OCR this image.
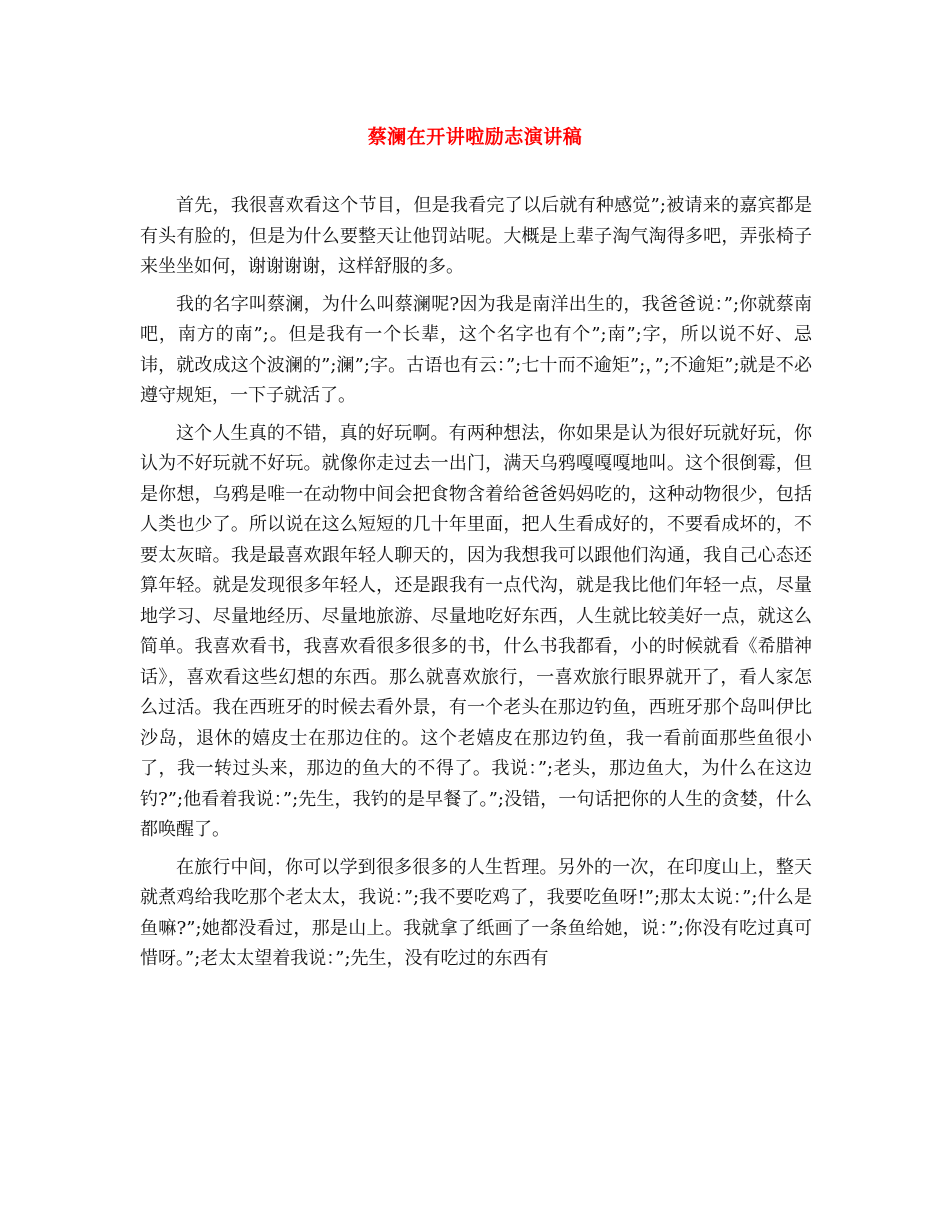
蔡澜在开讲啦励志演讲稿

首先，我很喜欢看这个节目，但是我看完了以后就有种感觉”;被请来的嘉宾都是有头有脸的，但是为什么要整天让他罚站呢。大概是上辈子淘气淘得多吧，弄张椅子来坐坐如何，谢谢谢谢，这样舒服的多。

我的名字叫蔡澜，为什么叫蔡澜呢?因为我是南洋出生的，我爸爸说：”;你就蔡南吧，南方的南”;。但是我有一个长辈，这个名字也有个”;南”;字，所以说不好、忌讳，就改成这个波澜的”;澜”;字。古语也有云：”;七十而不逾矩”;，”;不逾矩”;就是不必遵守规矩，一下子就活了。

这个人生真的不错，真的好玩啊。有两种想法，你如果是认为很好玩就好玩，你认为不好玩就不好玩。就像你走过去一出门，满天乌鸦嘎嘎嘎地叫。这个很倒霉，但是你想，乌鸦是唯一在动物中间会把食物含着给爸爸妈妈吃的，这种动物很少，包括人类也少了。所以说在这么短短的几十年里面，把人生看成好的，不要看成坏的，不要太灰暗。我是最喜欢跟年轻人聊天的，因为我想我可以跟他们沟通，我自己心态还算年轻。就是发现很多年轻人，还是跟我有一点代沟，就是我比他们年轻一点，尽量地学习、尽量地经历、尽量地旅游、尽量地吃好东西，人生就比较美好一点，就这么简单。我喜欢看书，我喜欢看很多很多的书，什么书我都看，小的时候就看《希腊神话》，喜欢看这些幻想的东西。那么就喜欢旅行，一喜欢旅行眼界就开了，看人家怎么过活。我在西班牙的时候去看外景，有一个老头在那边钓鱼，西班牙那个岛叫伊比沙岛，退休的嬉皮士在那边住的。这个老嬉皮在那边钓鱼，我一看前面那些鱼很小了，我一转过头来，那边的鱼大的不得了。我说：”;老头，那边鱼大，为什么在这边钓?”;他看着我说：”;先生，我钓的是早餐了。”;没错，一句话把你的人生的贪婪，什么都唤醒了。

在旅行中间，你可以学到很多很多的人生哲理。另外的一次，在印度山上，整天就煮鸡给我吃那个老太太，我说：”;我不要吃鸡了，我要吃鱼呀!”;那太太说：”;什么是鱼嘛?”;她都没看过，那是山上。我就拿了纸画了一条鱼给她，说：”;你没有吃过真可惜呀。”;老太太望着我说：”;先生，没有吃过的东西有
